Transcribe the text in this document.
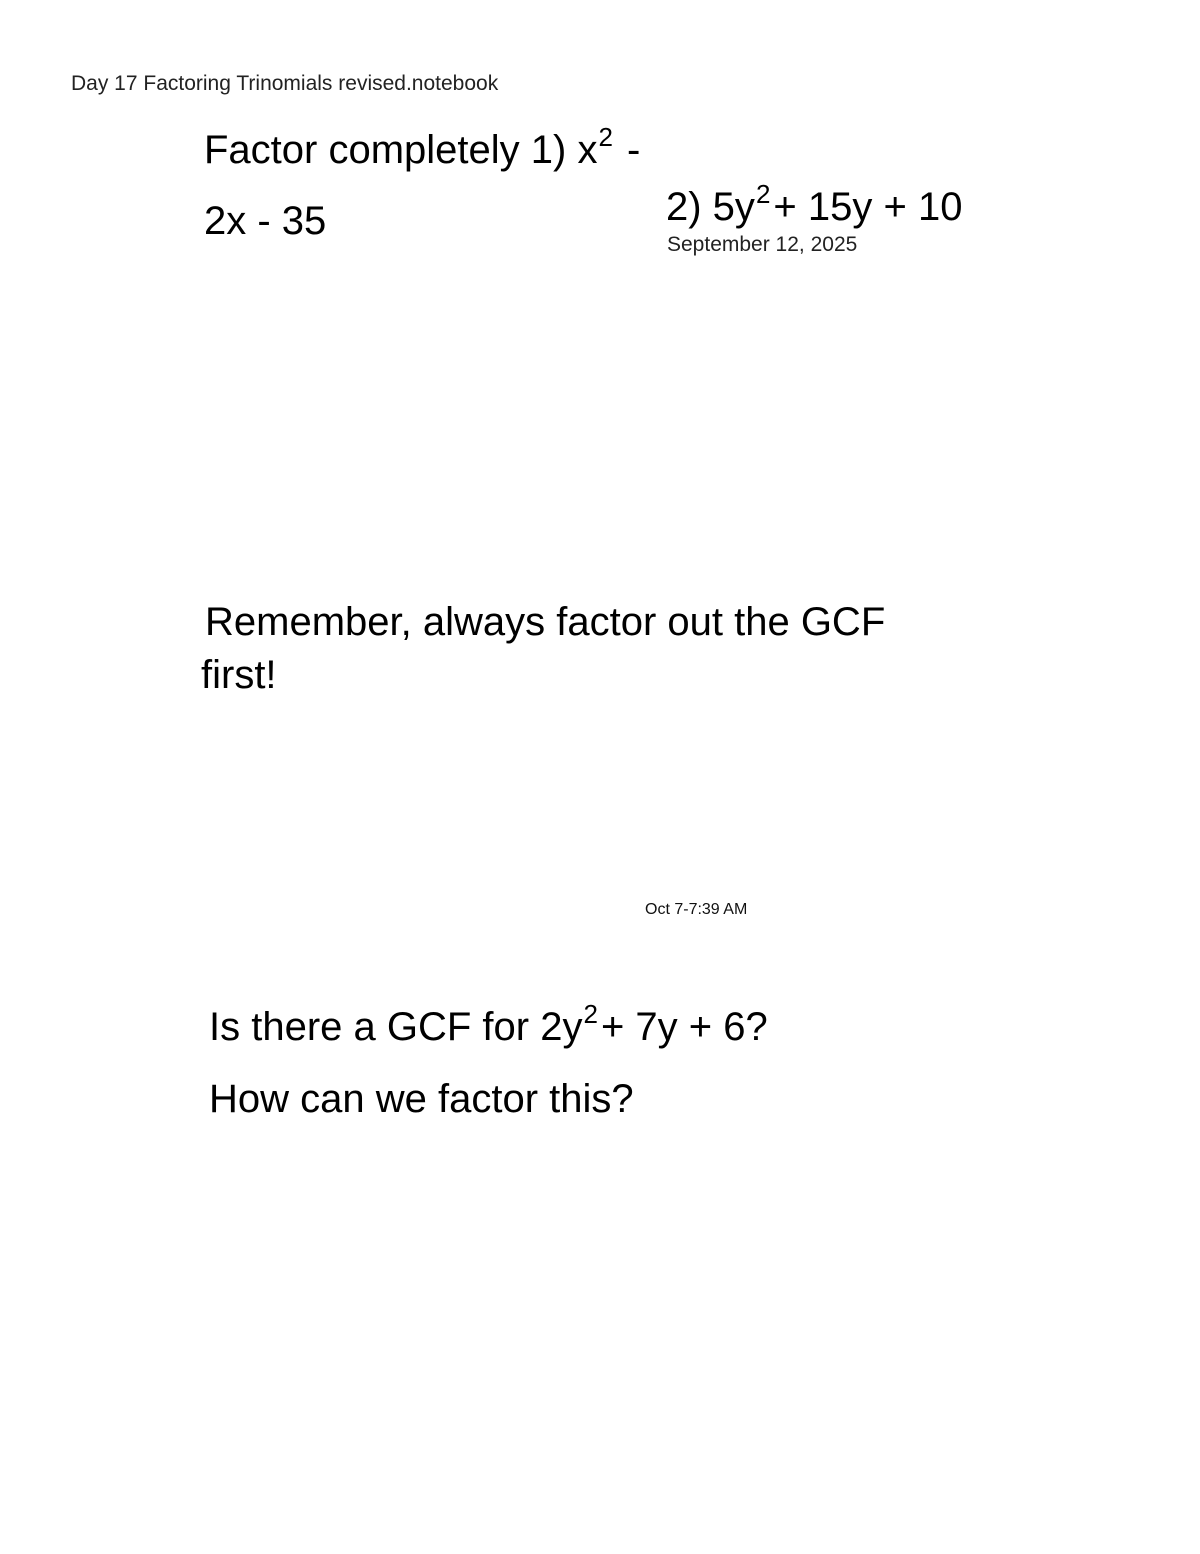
Day 17 Factoring Trinomials revised.notebook
Factor completely 1) $x^2$ -
2x - 35	2) $5y^2+ 15y + 10$
September 12, 2025
Remember, always factor out the GCF
first!
Oct 7-7:39 AM
Is there a GCF for $2y^2+ 7y + 6$?
How can we factor this?
